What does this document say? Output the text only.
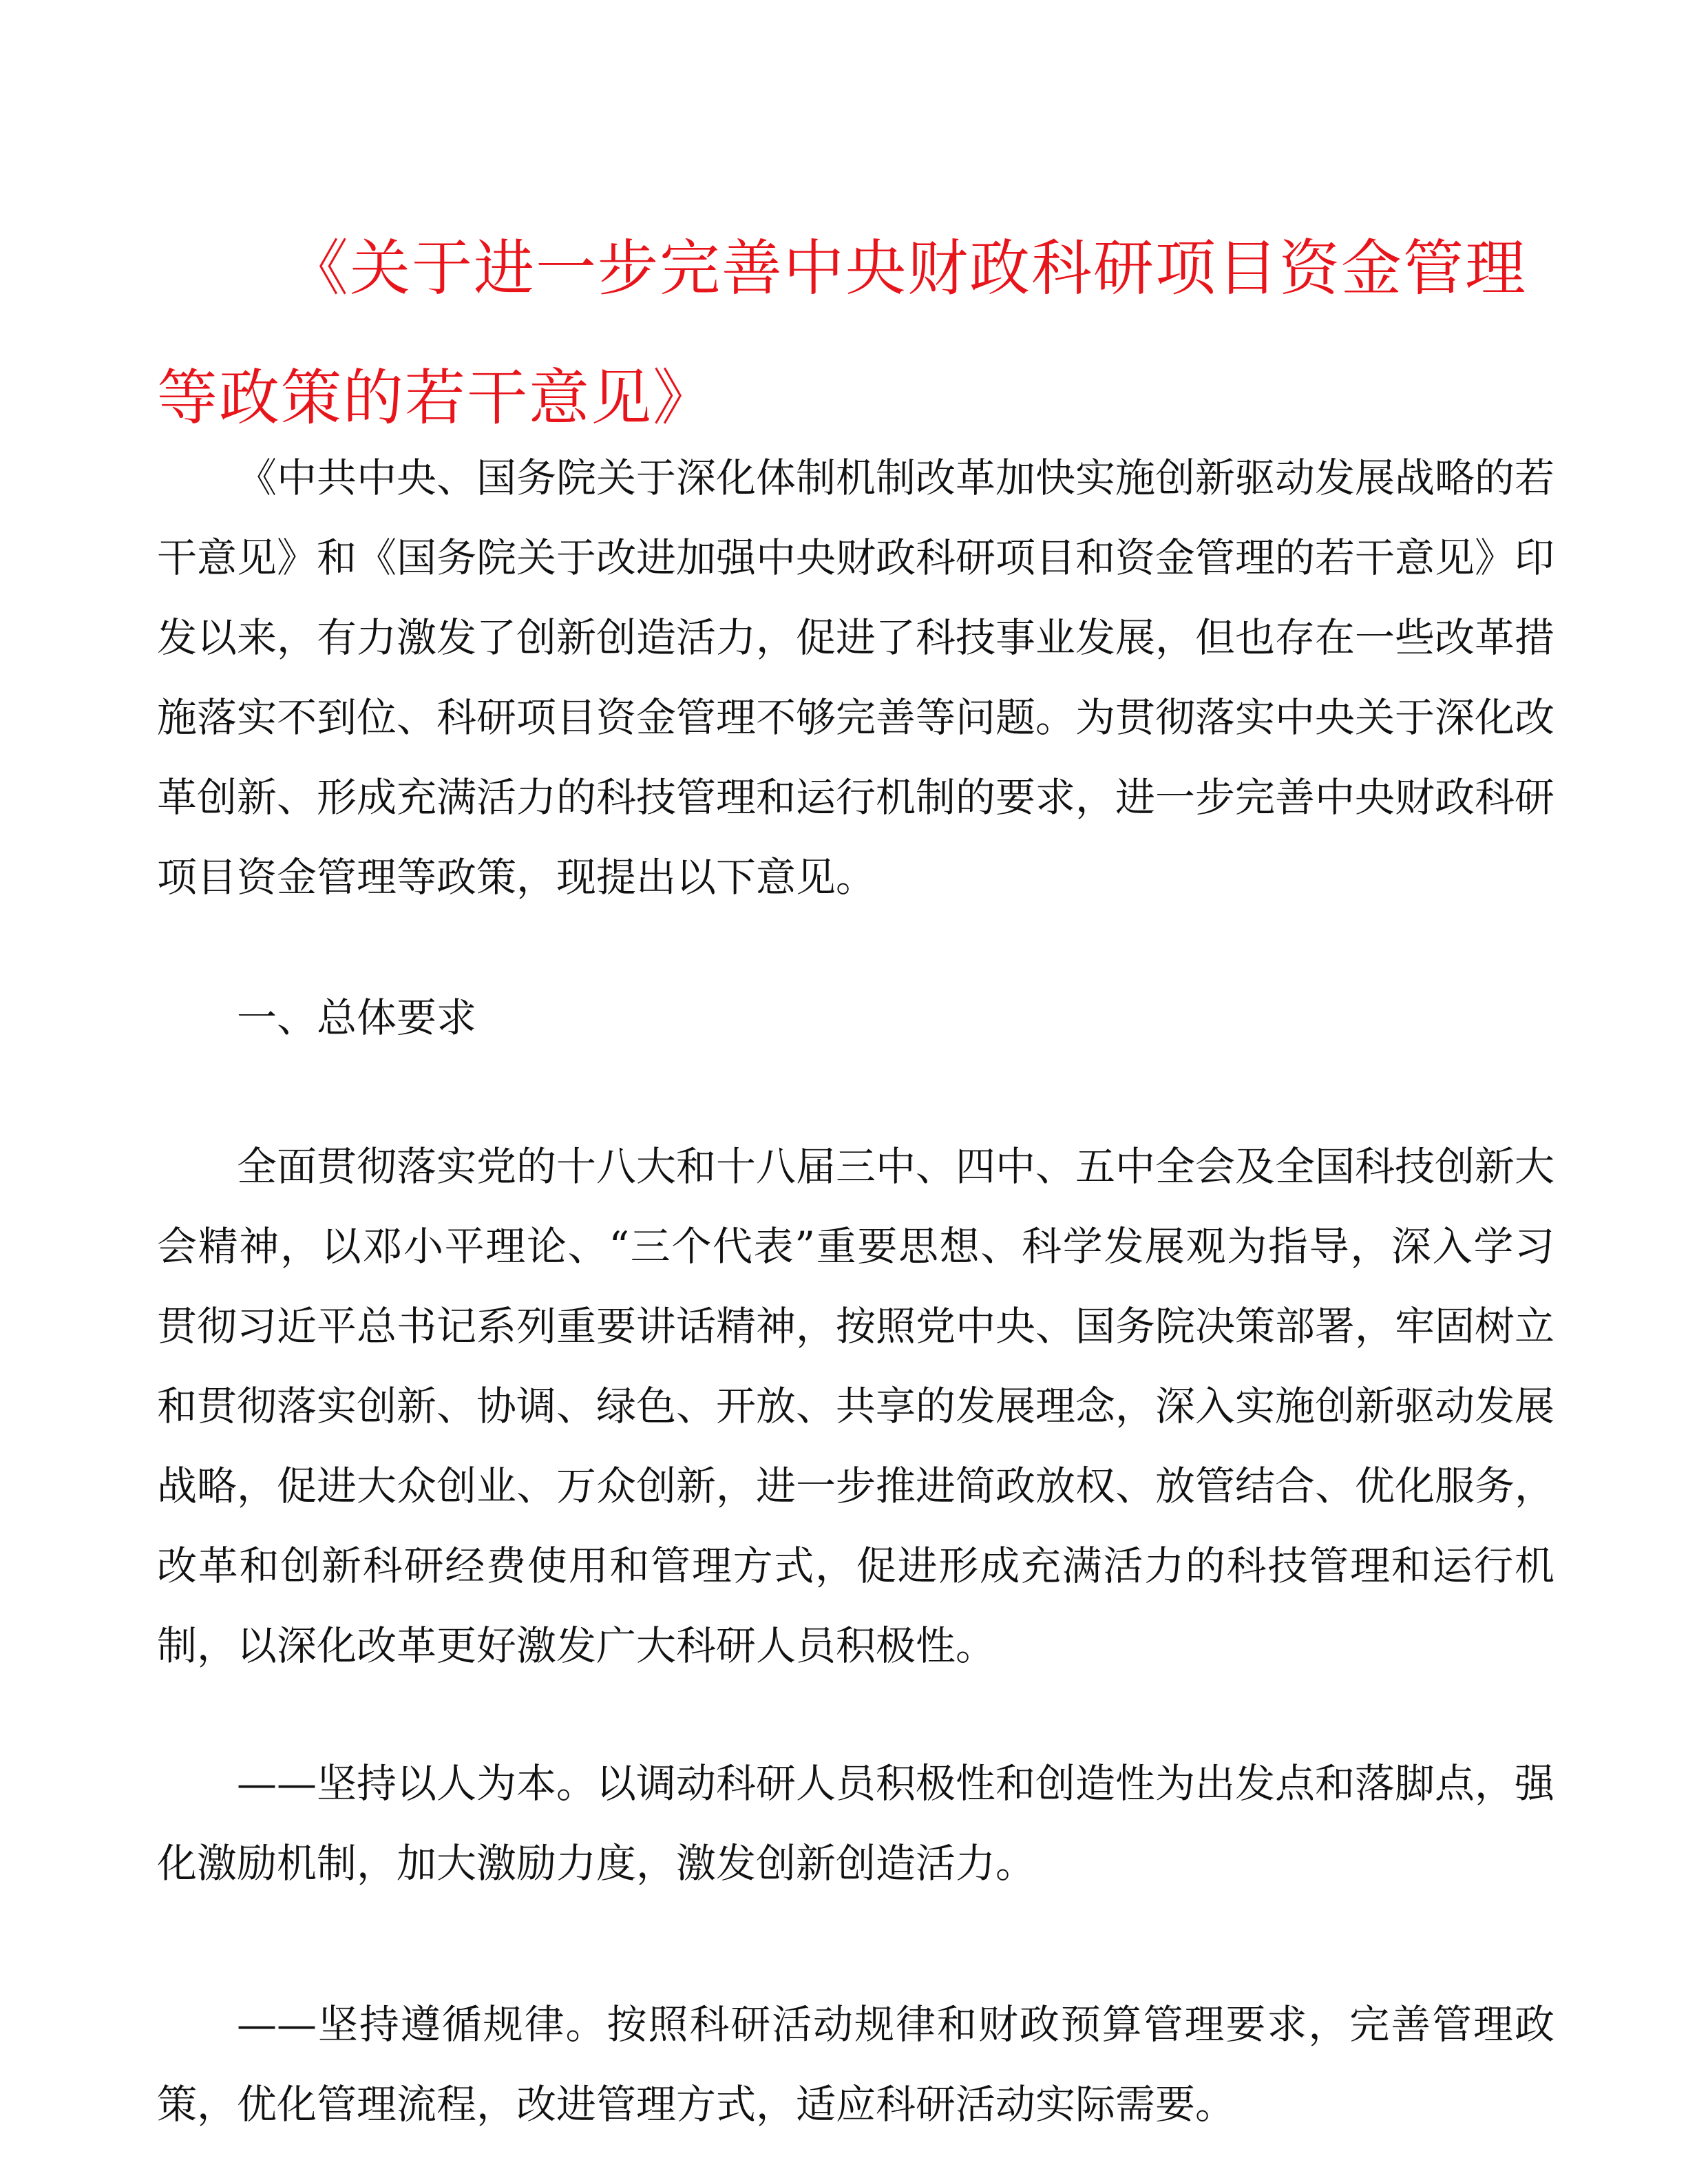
《关于进一步完善中央财政科研项目资金管理等政策的若干意见》

《中共中央、国务院关于深化体制机制改革加快实施创新驱动发展战略的若干意见》和《国务院关于改进加强中央财政科研项目和资金管理的若干意见》印发以来，有力激发了创新创造活力，促进了科技事业发展，但也存在一些改革措施落实不到位、科研项目资金管理不够完善等问题。为贯彻落实中央关于深化改革创新、形成充满活力的科技管理和运行机制的要求，进一步完善中央财政科研项目资金管理等政策，现提出以下意见。

一、总体要求

全面贯彻落实党的十八大和十八届三中、四中、五中全会及全国科技创新大会精神，以邓小平理论、“三个代表”重要思想、科学发展观为指导，深入学习贯彻习近平总书记系列重要讲话精神，按照党中央、国务院决策部署，牢固树立和贯彻落实创新、协调、绿色、开放、共享的发展理念，深入实施创新驱动发展战略，促进大众创业、万众创新，进一步推进简政放权、放管结合、优化服务，改革和创新科研经费使用和管理方式，促进形成充满活力的科技管理和运行机制，以深化改革更好激发广大科研人员积极性。

——坚持以人为本。以调动科研人员积极性和创造性为出发点和落脚点，强化激励机制，加大激励力度，激发创新创造活力。

——坚持遵循规律。按照科研活动规律和财政预算管理要求，完善管理政策，优化管理流程，改进管理方式，适应科研活动实际需要。
